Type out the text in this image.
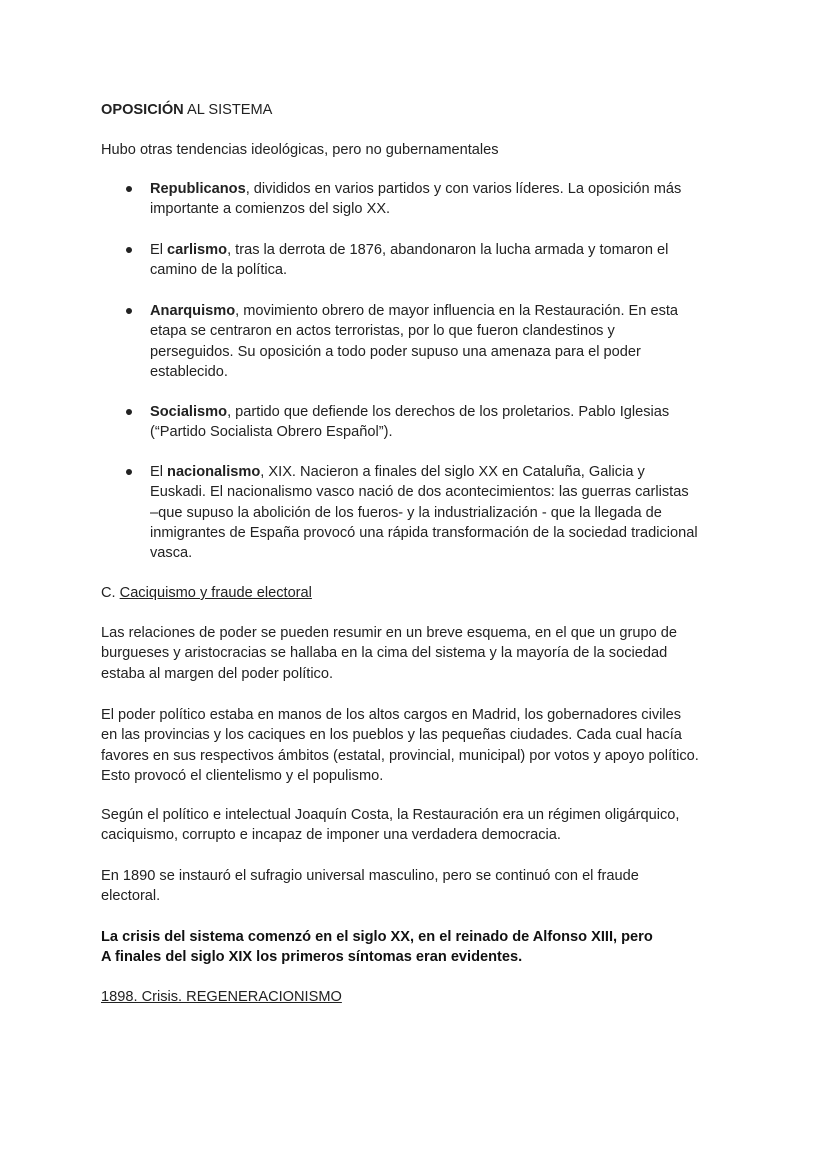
OPOSICIÓN AL SISTEMA
Hubo otras tendencias ideológicas, pero no gubernamentales
Republicanos, divididos en varios partidos y con varios líderes. La oposición más
importante a comienzos del siglo XX.
El carlismo, tras la derrota de 1876, abandonaron la lucha armada y tomaron el
camino de la política.
Anarquismo, movimiento obrero de mayor influencia en la Restauración. En esta
etapa se centraron en actos terroristas, por lo que fueron clandestinos y
perseguidos. Su oposición a todo poder supuso una amenaza para el poder
establecido.
Socialismo, partido que defiende los derechos de los proletarios. Pablo Iglesias
(“Partido Socialista Obrero Español”).
El nacionalismo, XIX. Nacieron a finales del siglo XX en Cataluña, Galicia y
Euskadi. El nacionalismo vasco nació de dos acontecimientos: las guerras carlistas
–que supuso la abolición de los fueros- y la industrialización - que la llegada de
inmigrantes de España provocó una rápida transformación de la sociedad tradicional
vasca.
C. Caciquismo y fraude electoral
Las relaciones de poder se pueden resumir en un breve esquema, en el que un grupo de
burgueses y aristocracias se hallaba en la cima del sistema y la mayoría de la sociedad
estaba al margen del poder político.
El poder político estaba en manos de los altos cargos en Madrid, los gobernadores civiles
en las provincias y los caciques en los pueblos y las pequeñas ciudades. Cada cual hacía
favores en sus respectivos ámbitos (estatal, provincial, municipal) por votos y apoyo político.
Esto provocó el clientelismo y el populismo.
Según el político e intelectual Joaquín Costa, la Restauración era un régimen oligárquico,
caciquismo, corrupto e incapaz de imponer una verdadera democracia.
En 1890 se instauró el sufragio universal masculino, pero se continuó con el fraude
electoral.
La crisis del sistema comenzó en el siglo XX, en el reinado de Alfonso XIII, pero
A finales del siglo XIX los primeros síntomas eran evidentes.
1898. Crisis. REGENERACIONISMO
